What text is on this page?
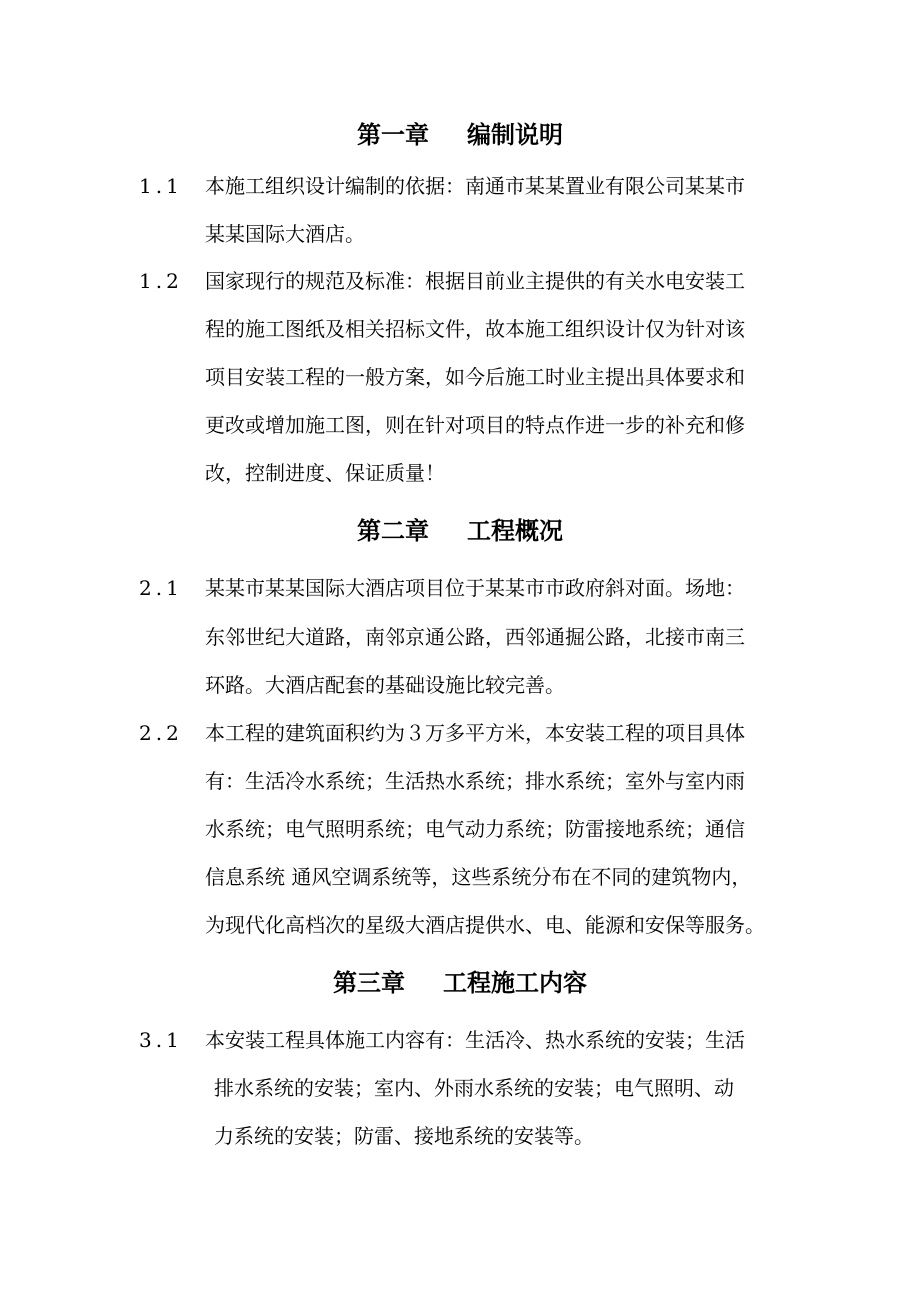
第一章 编制说明
1.1 本施工组织设计编制的依据：南通市某某置业有限公司某某市
某某国际大酒店。
1.2 国家现行的规范及标准：根据目前业主提供的有关水电安装工
程的施工图纸及相关招标文件，故本施工组织设计仅为针对该
项目安装工程的一般方案，如今后施工时业主提出具体要求和
更改或增加施工图，则在针对项目的特点作进一步的补充和修
改，控制进度、保证质量！
第二章 工程概况
2.1 某某市某某国际大酒店项目位于某某市市政府斜对面。场地：
东邻世纪大道路，南邻京通公路，西邻通掘公路，北接市南三
环路。大酒店配套的基础设施比较完善。
2.2 本工程的建筑面积约为３万多平方米，本安装工程的项目具体
有：生活冷水系统；生活热水系统；排水系统；室外与室内雨
水系统；电气照明系统；电气动力系统；防雷接地系统；通信
信息系统 通风空调系统等，这些系统分布在不同的建筑物内，
为现代化高档次的星级大酒店提供水、电、能源和安保等服务。
第三章 工程施工内容
3.1 本安装工程具体施工内容有：生活冷、热水系统的安装；生活
排水系统的安装；室内、外雨水系统的安装；电气照明、动
力系统的安装；防雷、接地系统的安装等。
